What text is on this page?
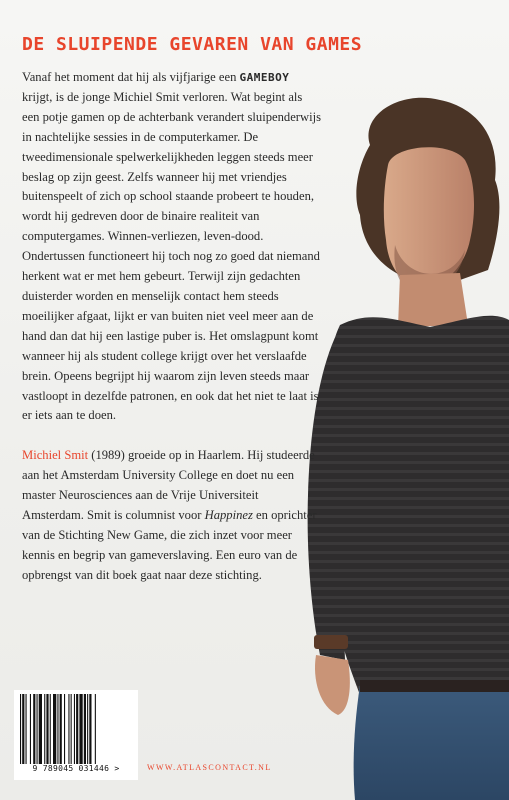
DE SLUIPENDE GEVAREN VAN GAMES

Vanaf het moment dat hij als vijfjarige een GAMEBOY krijgt, is de jonge Michiel Smit verloren. Wat begint als een potje gamen op de achterbank verandert sluipenderwijs in nachtelijke sessies in de computerkamer. De tweedimensionale spelwerkelijkheden leggen steeds meer beslag op zijn geest. Zelfs wanneer hij met vriendjes buitenspeelt of zich op school staande probeert te houden, wordt hij gedreven door de binaire realiteit van computergames. Winnen-verliezen, leven-dood.

Ondertussen functioneert hij toch nog zo goed dat niemand herkent wat er met hem gebeurt. Terwijl zijn gedachten duisterder worden en menselijk contact hem steeds moeilijker afgaat, lijkt er van buiten niet veel meer aan de hand dan dat hij een lastige puber is. Het omslagpunt komt wanneer hij als student college krijgt over het verslaafde brein. Opeens begrijpt hij waarom zijn leven steeds maar vastloopt in dezelfde patronen, en ook dat het niet te laat is er iets aan te doen.

Michiel Smit (1989) groeide op in Haarlem. Hij studeerde aan het Amsterdam University College en doet nu een master Neurosciences aan de Vrije Universiteit Amsterdam. Smit is columnist voor Happinez en oprichter van de Stichting New Game, die zich inzet voor meer kennis en begrip van gameverslaving. Een euro van de opbrengst van dit boek gaat naar deze stichting.

9 789045 031446 >	WWW.ATLASCONTACT.NL
